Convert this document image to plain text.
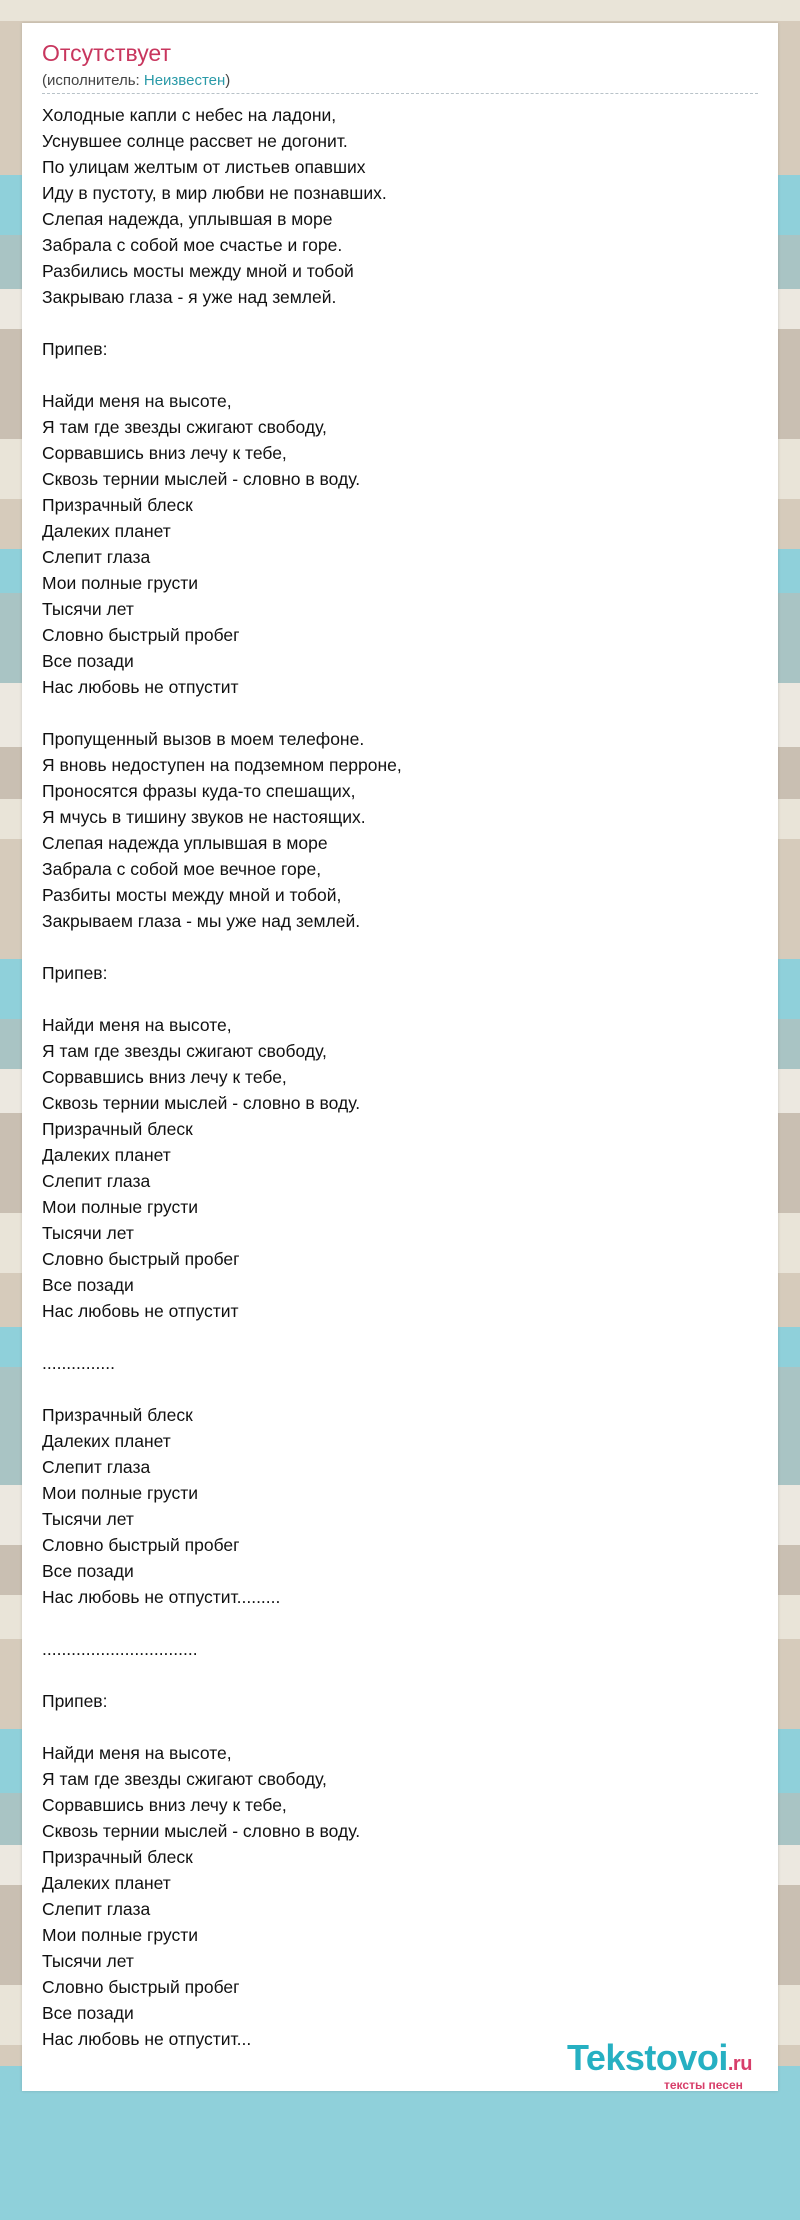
Отсутствует
(исполнитель: Неизвестен)
Холодные капли с небес на ладони,
Уснувшее солнце рассвет не догонит.
По улицам желтым от листьев опавших
Иду в пустоту, в мир любви не познавших.
Слепая надежда, уплывшая в море
Забрала с собой мое счастье и горе.
Разбились мосты между мной и тобой
Закрываю глаза - я уже над землей.
Припев:
Найди меня на высоте,
Я там где звезды сжигают свободу,
Сорвавшись вниз лечу к тебе,
Сквозь тернии мыслей - словно в воду.
Призрачный блеск
Далеких планет
Слепит глаза
Мои полные грусти
Тысячи лет
Словно быстрый пробег
Все позади
Нас любовь не отпустит
Пропущенный вызов в моем телефоне.
Я вновь недоступен на подземном перроне,
Проносятся фразы куда-то спешащих,
Я мчусь в тишину звуков не настоящих.
Слепая надежда уплывшая в море
Забрала с собой мое вечное горе,
Разбиты мосты между мной и тобой,
Закрываем глаза - мы уже над землей.
Припев:
Найди меня на высоте,
Я там где звезды сжигают свободу,
Сорвавшись вниз лечу к тебе,
Сквозь тернии мыслей - словно в воду.
Призрачный блеск
Далеких планет
Слепит глаза
Мои полные грусти
Тысячи лет
Словно быстрый пробег
Все позади
Нас любовь не отпустит
...............
Призрачный блеск
Далеких планет
Слепит глаза
Мои полные грусти
Тысячи лет
Словно быстрый пробег
Все позади
Нас любовь не отпустит.........
................................
Припев:
Найди меня на высоте,
Я там где звезды сжигают свободу,
Сорвавшись вниз лечу к тебе,
Сквозь тернии мыслей - словно в воду.
Призрачный блеск
Далеких планет
Слепит глаза
Мои полные грусти
Тысячи лет
Словно быстрый пробег
Все позади
Нас любовь не отпустит...	Tekstovoi.ru
тексты песен
